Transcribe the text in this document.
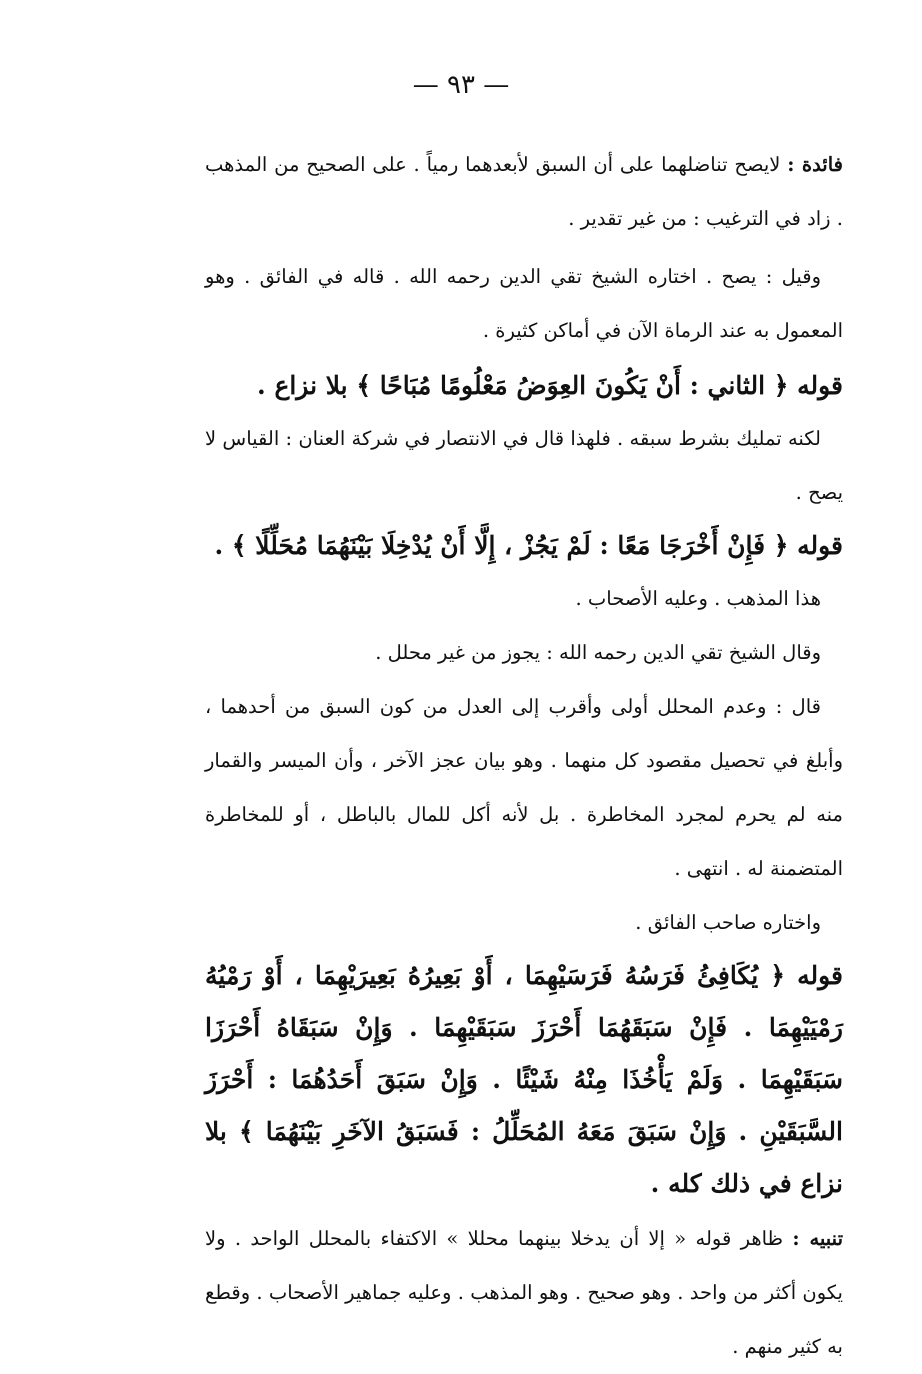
— ٩٣ —

فائدة : لايصح تناضلهما على أن السبق لأبعدهما رمياً . على الصحيح من المذهب . زاد في الترغيب : من غير تقدير .

وقيل : يصح . اختاره الشيخ تقي الدين رحمه الله . قاله في الفائق . وهو المعمول به عند الرماة الآن في أماكن كثيرة .

قوله ﴿ الثاني : أَنْ يَكُونَ العِوَضُ مَعْلُومًا مُبَاحًا ﴾ بلا نزاع .

لكنه تمليك بشرط سبقه . فلهذا قال في الانتصار في شركة العنان : القياس لا يصح .

قوله ﴿ فَإِنْ أَخْرَجَا مَعًا : لَمْ يَجُزْ ، إِلَّا أَنْ يُدْخِلَا بَيْنَهُمَا مُحَلِّلًا ﴾ .

هذا المذهب . وعليه الأصحاب .

وقال الشيخ تقي الدين رحمه الله : يجوز من غير محلل .

قال : وعدم المحلل أولى وأقرب إلى العدل من كون السبق من أحدهما ، وأبلغ في تحصيل مقصود كل منهما . وهو بيان عجز الآخر ، وأن الميسر والقمار منه لم يحرم لمجرد المخاطرة . بل لأنه أكل للمال بالباطل ، أو للمخاطرة المتضمنة له . انتهى .

واختاره صاحب الفائق .

قوله ﴿ يُكَافِئُ فَرَسُهُ فَرَسَيْهِمَا ، أَوْ بَعِيرُهُ بَعِيرَيْهِمَا ، أَوْ رَمْيُهُ رَمْيَيْهِمَا . فَإِنْ سَبَقَهُمَا أَحْرَزَ سَبَقَيْهِمَا . وَإِنْ سَبَقَاهُ أَحْرَزَا سَبَقَيْهِمَا . وَلَمْ يَأْخُذَا مِنْهُ شَيْئًا . وَإِنْ سَبَقَ أَحَدُهُمَا : أَحْرَزَ السَّبَقَيْنِ . وَإِنْ سَبَقَ مَعَهُ المُحَلِّلُ : فَسَبَقُ الآخَرِ بَيْنَهُمَا ﴾ بلا نزاع في ذلك كله .

تنبيه : ظاهر قوله « إلا أن يدخلا بينهما محللا » الاكتفاء بالمحلل الواحد . ولا يكون أكثر من واحد . وهو صحيح . وهو المذهب . وعليه جماهير الأصحاب . وقطع به كثير منهم .
